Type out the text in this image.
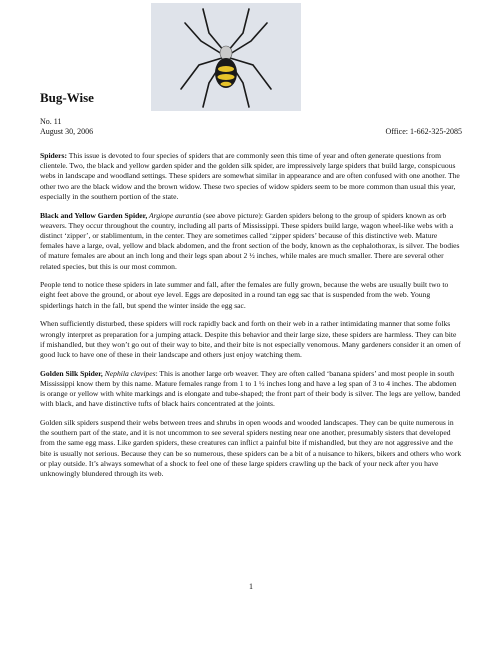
Bug-Wise
No. 11
August 30, 2006	Office: 1-662-325-2085

Spiders: This issue is devoted to four species of spiders that are commonly seen this time of year and often generate questions from clientele. Two, the black and yellow garden spider and the golden silk spider, are impressively large spiders that build large, conspicuous webs in landscape and woodland settings. These spiders are somewhat similar in appearance and are often confused with one another. The other two are the black widow and the brown widow. These two species of widow spiders seem to be more common than usual this year, especially in the southern portion of the state.

Black and Yellow Garden Spider, Argiope aurantia (see above picture): Garden spiders belong to the group of spiders known as orb weavers. They occur throughout the country, including all parts of Mississippi. These spiders build large, wagon wheel-like webs with a distinct ‘zipper’, or stablimentum, in the center. They are sometimes called ‘zipper spiders’ because of this distinctive web. Mature females have a large, oval, yellow and black abdomen, and the front section of the body, known as the cephalothorax, is silver. The bodies of mature females are about an inch long and their legs span about 2 ½ inches, while males are much smaller. There are several other related species, but this is our most common.

People tend to notice these spiders in late summer and fall, after the females are fully grown, because the webs are usually built two to eight feet above the ground, or about eye level. Eggs are deposited in a round tan egg sac that is suspended from the web. Young spiderlings hatch in the fall, but spend the winter inside the egg sac.

When sufficiently disturbed, these spiders will rock rapidly back and forth on their web in a rather intimidating manner that some folks wrongly interpret as preparation for a jumping attack. Despite this behavior and their large size, these spiders are harmless. They can bite if mishandled, but they won’t go out of their way to bite, and their bite is not especially venomous. Many gardeners consider it an omen of good luck to have one of these in their landscape and others just enjoy watching them.

Golden Silk Spider, Nephila clavipes: This is another large orb weaver. They are often called ‘banana spiders’ and most people in south Mississippi know them by this name. Mature females range from 1 to 1 ½ inches long and have a leg span of 3 to 4 inches. The abdomen is orange or yellow with white markings and is elongate and tube-shaped; the front part of their body is silver. The legs are yellow, banded with black, and have distinctive tufts of black hairs concentrated at the joints.

Golden silk spiders suspend their webs between trees and shrubs in open woods and wooded landscapes. They can be quite numerous in the southern part of the state, and it is not uncommon to see several spiders nesting near one another, presumably sisters that developed from the same egg mass. Like garden spiders, these creatures can inflict a painful bite if mishandled, but they are not aggressive and the bite is usually not serious. Because they can be so numerous, these spiders can be a bit of a nuisance to hikers, bikers and others who work or play outside. It’s always somewhat of a shock to feel one of these large spiders crawling up the back of your neck after you have unknowingly blundered through its web.

1
